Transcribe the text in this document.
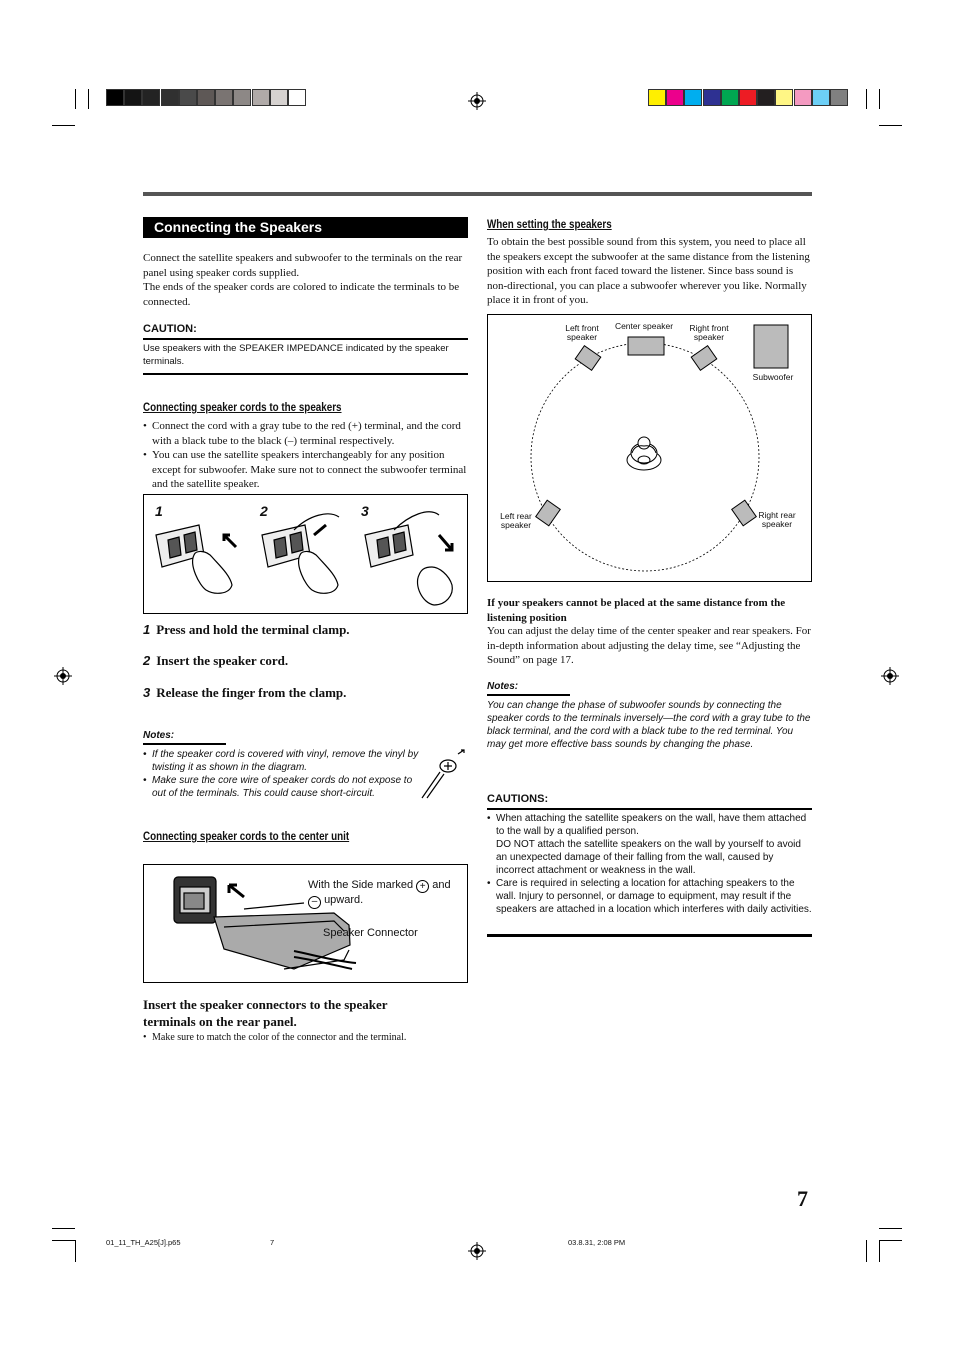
Connecting the Speakers
Connect the satellite speakers and subwoofer to the terminals on the rear panel using speaker cords supplied.
The ends of the speaker cords are colored to indicate the terminals to be connected.
CAUTION:
Use speakers with the SPEAKER IMPEDANCE indicated by the speaker terminals.
Connecting speaker cords to the speakers
• Connect the cord with a gray tube to the red (+) terminal, and the cord with a black tube to the black (–) terminal respectively.
• You can use the satellite speakers interchangeably for any position except for subwoofer. Make sure not to connect the subwoofer terminal and the satellite speaker.
1	2	3
1 Press and hold the terminal clamp.
2 Insert the speaker cord.
3 Release the finger from the clamp.
Notes:
• If the speaker cord is covered with vinyl, remove the vinyl by twisting it as shown in the diagram.
• Make sure the core wire of speaker cords do not expose to out of the terminals. This could cause short-circuit.
Connecting speaker cords to the center unit
With the Side marked + and
– upward.
Speaker Connector
Insert the speaker connectors to the speaker terminals on the rear panel.
• Make sure to match the color of the connector and the terminal.
When setting the speakers
To obtain the best possible sound from this system, you need to place all the speakers except the subwoofer at the same distance from the listening position with each front faced toward the listener. Since bass sound is non-directional, you can place a subwoofer wherever you like. Normally place it in front of you.
Left front
speaker
Center speaker	Right front
speaker
Subwoofer
Left rear
speaker
Right rear
speaker
If your speakers cannot be placed at the same distance from the listening position
You can adjust the delay time of the center speaker and rear speakers. For in-depth information about adjusting the delay time, see “Adjusting the Sound” on page 17.
Notes:
You can change the phase of subwoofer sounds by connecting the speaker cords to the terminals inversely—the cord with a gray tube to the black terminal, and the cord with a black tube to the red terminal. You may get more effective bass sounds by changing the phase.
CAUTIONS:
• When attaching the satellite speakers on the wall, have them attached to the wall by a qualified person.
DO NOT attach the satellite speakers on the wall by yourself to avoid an unexpected damage of their falling from the wall, caused by incorrect attachment or weakness in the wall.
• Care is required in selecting a location for attaching speakers to the wall. Injury to personnel, or damage to equipment, may result if the speakers are attached in a location which interferes with daily activities.
7
01_11_TH_A25[J].p65	7	03.8.31, 2:08 PM
